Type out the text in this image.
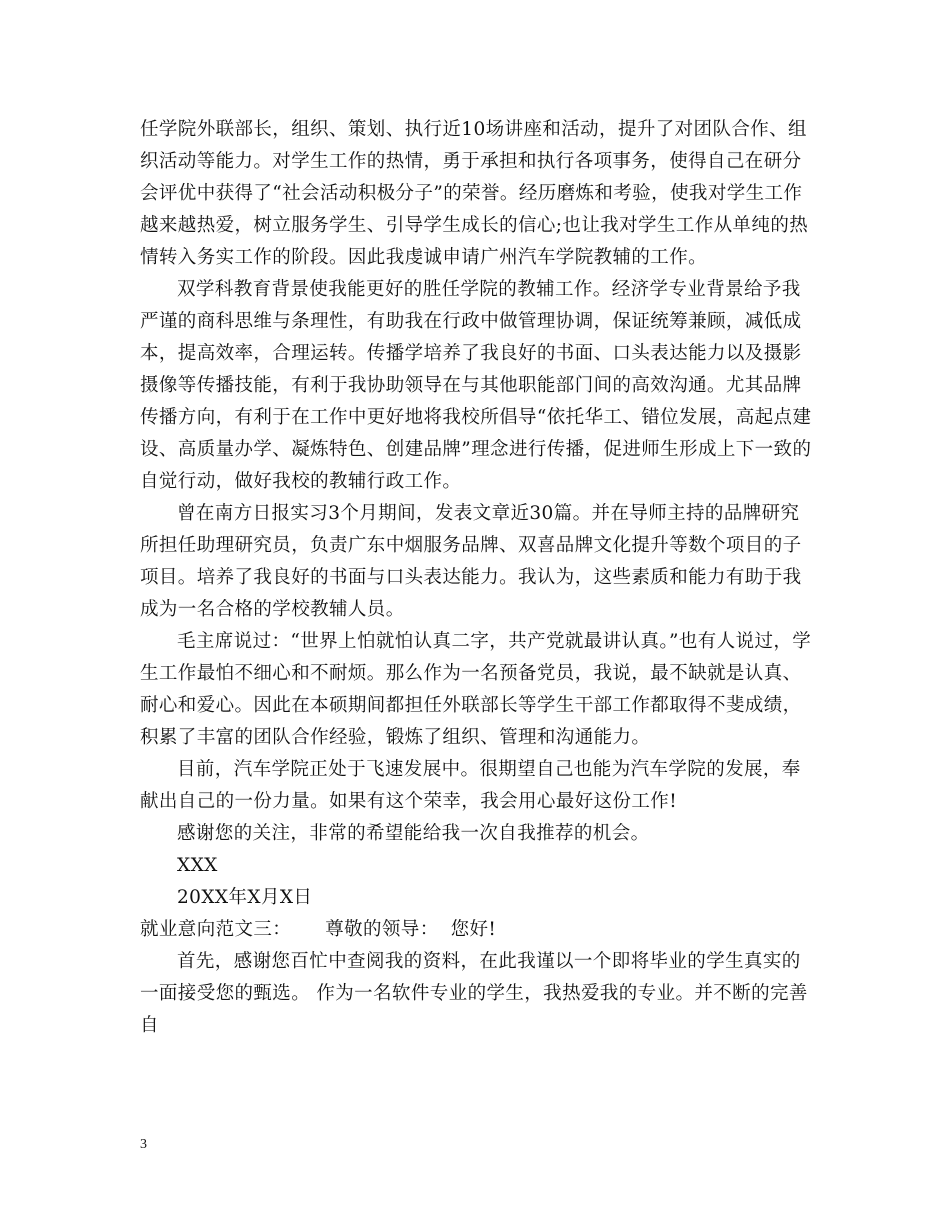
任学院外联部长，组织、策划、执行近10场讲座和活动，提升了对团队合作、组织活动等能力。对学生工作的热情，勇于承担和执行各项事务，使得自己在研分会评优中获得了“社会活动积极分子”的荣誉。经历磨炼和考验，使我对学生工作越来越热爱，树立服务学生、引导学生成长的信心;也让我对学生工作从单纯的热情转入务实工作的阶段。因此我虔诚申请广州汽车学院教辅的工作。

双学科教育背景使我能更好的胜任学院的教辅工作。经济学专业背景给予我严谨的商科思维与条理性，有助我在行政中做管理协调，保证统筹兼顾，减低成本，提高效率，合理运转。传播学培养了我良好的书面、口头表达能力以及摄影摄像等传播技能，有利于我协助领导在与其他职能部门间的高效沟通。尤其品牌传播方向，有利于在工作中更好地将我校所倡导“依托华工、错位发展，高起点建设、高质量办学、凝炼特色、创建品牌”理念进行传播，促进师生形成上下一致的自觉行动，做好我校的教辅行政工作。

曾在南方日报实习3个月期间，发表文章近30篇。并在导师主持的品牌研究所担任助理研究员，负责广东中烟服务品牌、双喜品牌文化提升等数个项目的子项目。培养了我良好的书面与口头表达能力。我认为，这些素质和能力有助于我成为一名合格的学校教辅人员。

毛主席说过：“世界上怕就怕认真二字，共产党就最讲认真。”也有人说过，学生工作最怕不细心和不耐烦。那么作为一名预备党员，我说，最不缺就是认真、耐心和爱心。因此在本硕期间都担任外联部长等学生干部工作都取得不斐成绩，积累了丰富的团队合作经验，锻炼了组织、管理和沟通能力。

目前，汽车学院正处于飞速发展中。很期望自己也能为汽车学院的发展，奉献出自己的一份力量。如果有这个荣幸，我会用心最好这份工作!

感谢您的关注，非常的希望能给我一次自我推荐的机会。

XXX

20XX年X月X日

就业意向范文三： 尊敬的领导： 您好!

首先，感谢您百忙中查阅我的资料，在此我谨以一个即将毕业的学生真实的一面接受您的甄选。 作为一名软件专业的学生，我热爱我的专业。并不断的完善自

3
